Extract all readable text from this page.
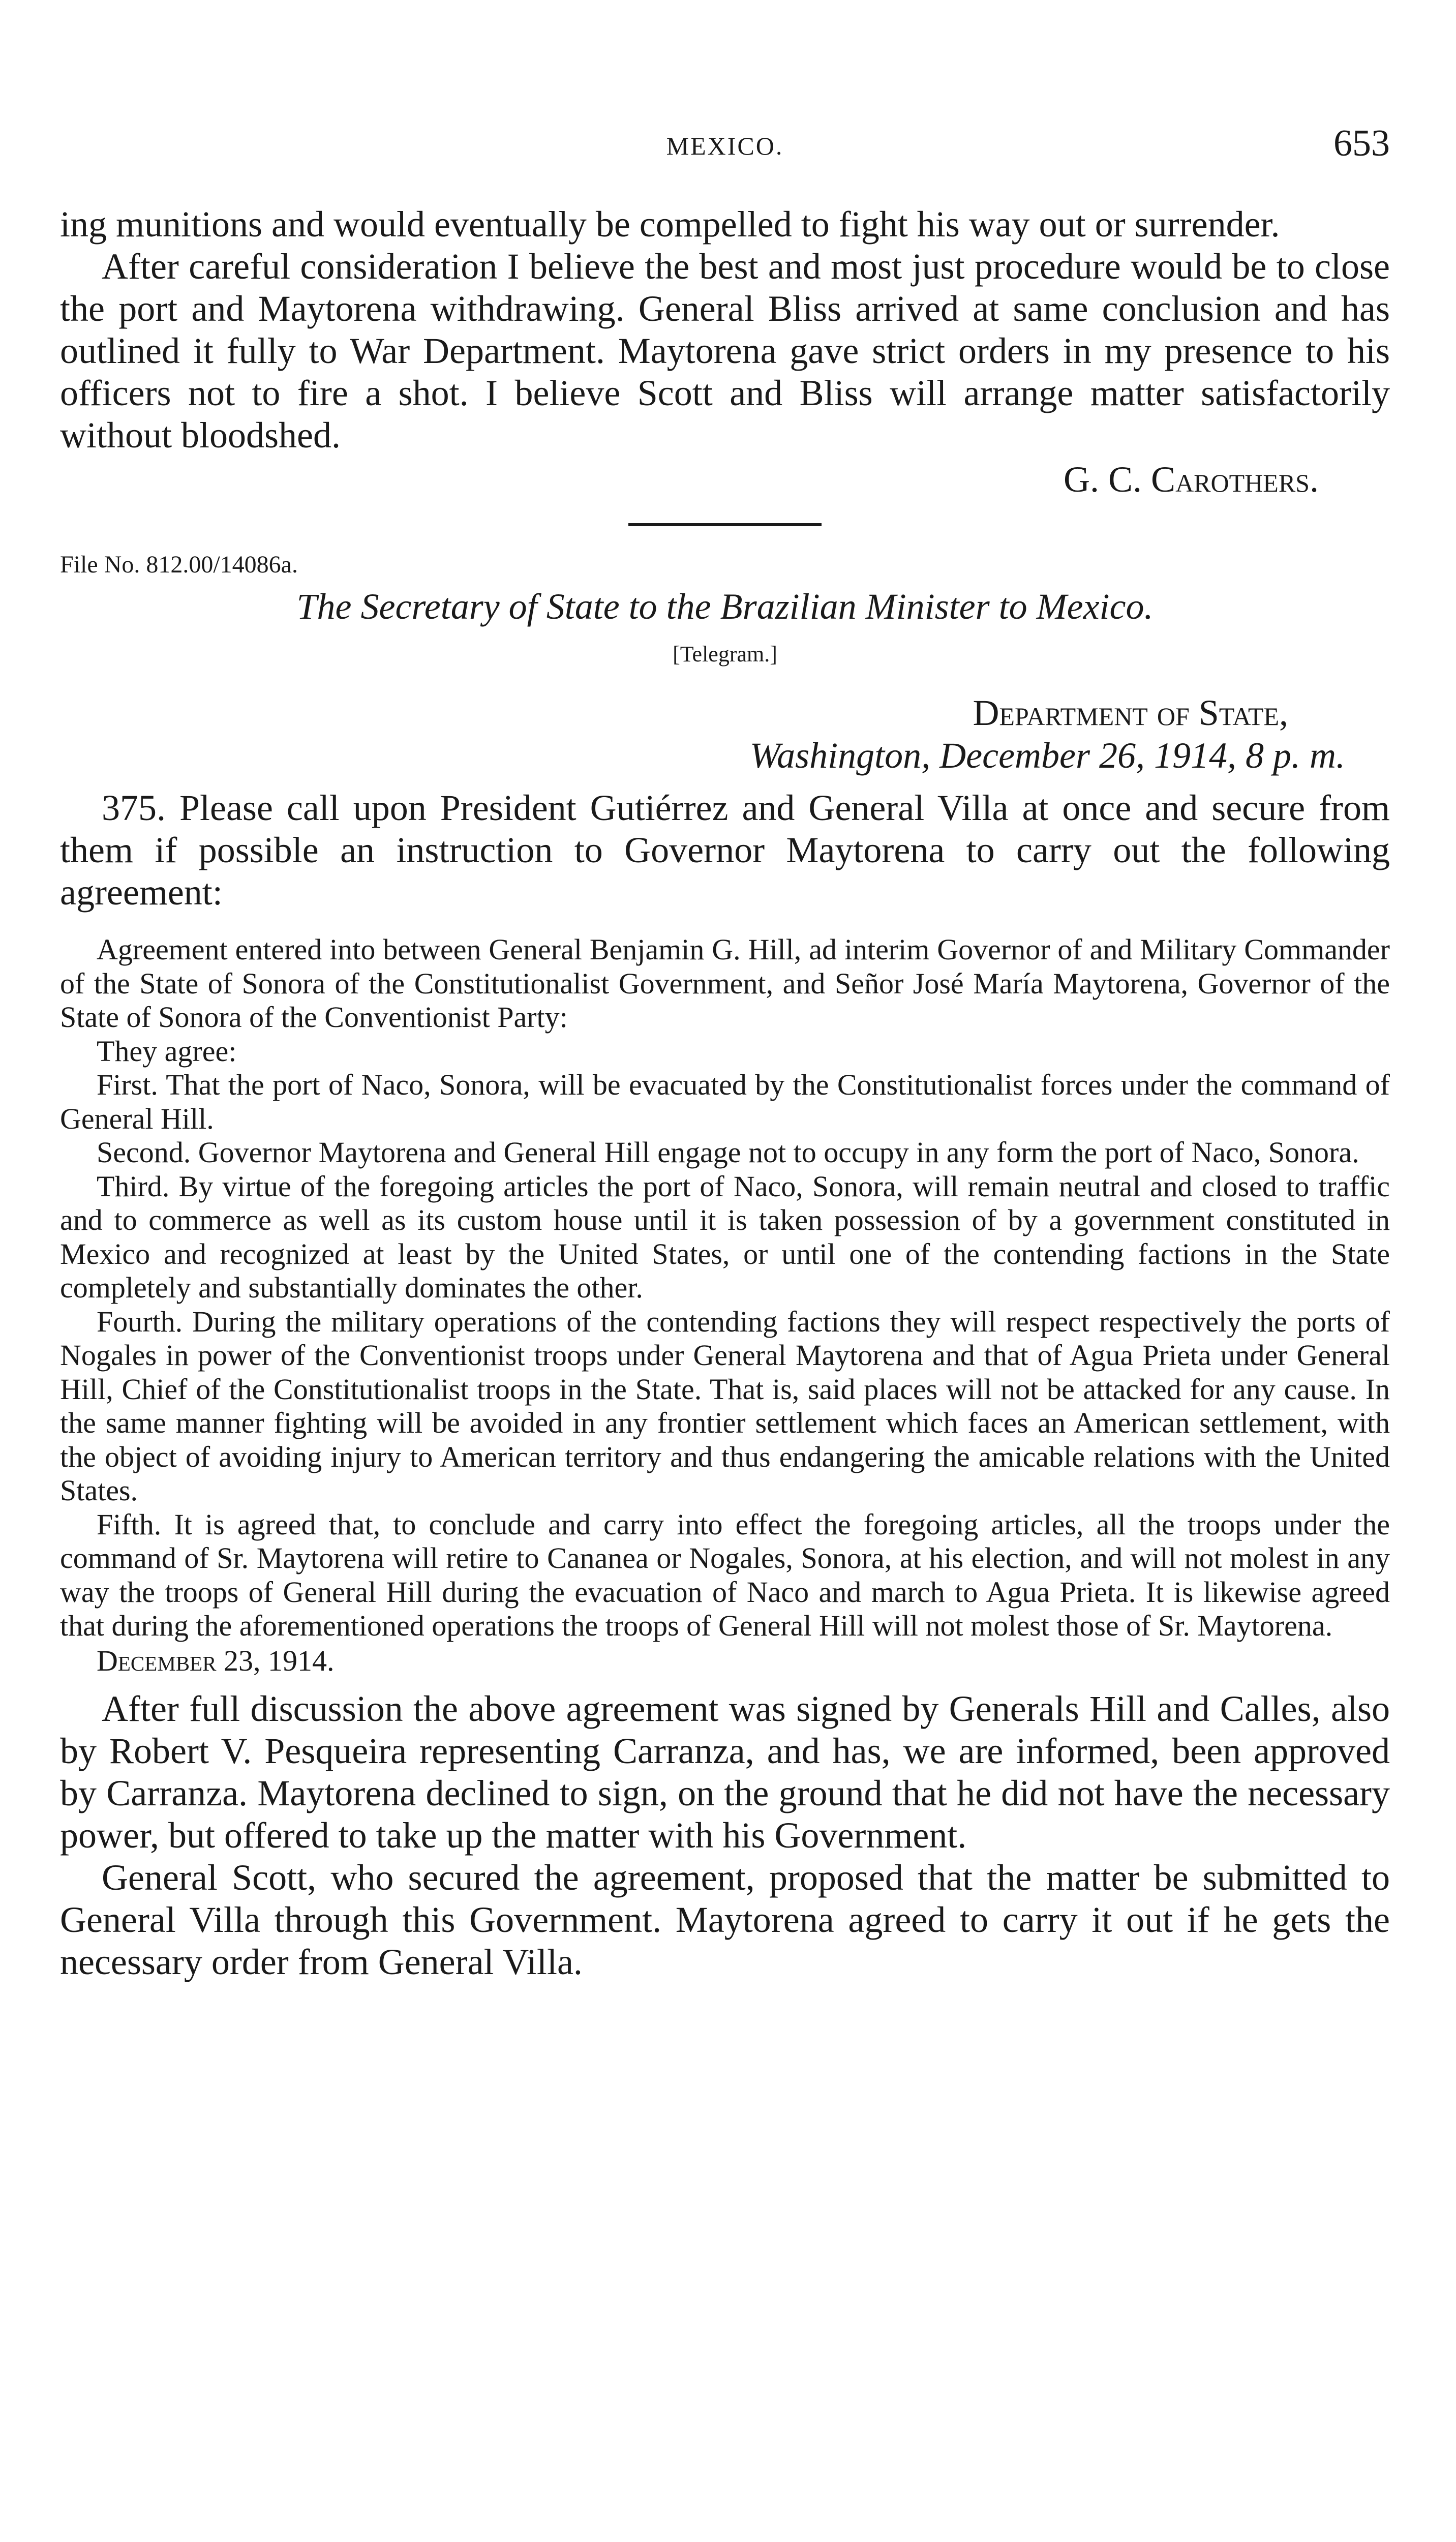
MEXICO.	653

ing munitions and would eventually be compelled to fight his way out or surrender.

After careful consideration I believe the best and most just procedure would be to close the port and Maytorena withdrawing. General Bliss arrived at same conclusion and has outlined it fully to War Department. Maytorena gave strict orders in my presence to his officers not to fire a shot. I believe Scott and Bliss will arrange matter satisfactorily without bloodshed.

G. C. Carothers.

File No. 812.00/14086a.

The Secretary of State to the Brazilian Minister to Mexico.

[Telegram.]

Department of State,

Washington, December 26, 1914, 8 p. m.

375. Please call upon President Gutiérrez and General Villa at once and secure from them if possible an instruction to Governor Maytorena to carry out the following agreement:

Agreement entered into between General Benjamin G. Hill, ad interim Governor of and Military Commander of the State of Sonora of the Constitutionalist Government, and Señor José María Maytorena, Governor of the State of Sonora of the Conventionist Party:

They agree:

First. That the port of Naco, Sonora, will be evacuated by the Constitutionalist forces under the command of General Hill.

Second. Governor Maytorena and General Hill engage not to occupy in any form the port of Naco, Sonora.

Third. By virtue of the foregoing articles the port of Naco, Sonora, will remain neutral and closed to traffic and to commerce as well as its custom house until it is taken possession of by a government constituted in Mexico and recognized at least by the United States, or until one of the contending factions in the State completely and substantially dominates the other.

Fourth. During the military operations of the contending factions they will respect respectively the ports of Nogales in power of the Conventionist troops under General Maytorena and that of Agua Prieta under General Hill, Chief of the Constitutionalist troops in the State. That is, said places will not be attacked for any cause. In the same manner fighting will be avoided in any frontier settlement which faces an American settlement, with the object of avoiding injury to American territory and thus endangering the amicable relations with the United States.

Fifth. It is agreed that, to conclude and carry into effect the foregoing articles, all the troops under the command of Sr. Maytorena will retire to Cananea or Nogales, Sonora, at his election, and will not molest in any way the troops of General Hill during the evacuation of Naco and march to Agua Prieta. It is likewise agreed that during the aforementioned operations the troops of General Hill will not molest those of Sr. Maytorena.

December 23, 1914.

After full discussion the above agreement was signed by Generals Hill and Calles, also by Robert V. Pesqueira representing Carranza, and has, we are informed, been approved by Carranza. Maytorena declined to sign, on the ground that he did not have the necessary power, but offered to take up the matter with his Government.

General Scott, who secured the agreement, proposed that the matter be submitted to General Villa through this Government. Maytorena agreed to carry it out if he gets the necessary order from General Villa.
